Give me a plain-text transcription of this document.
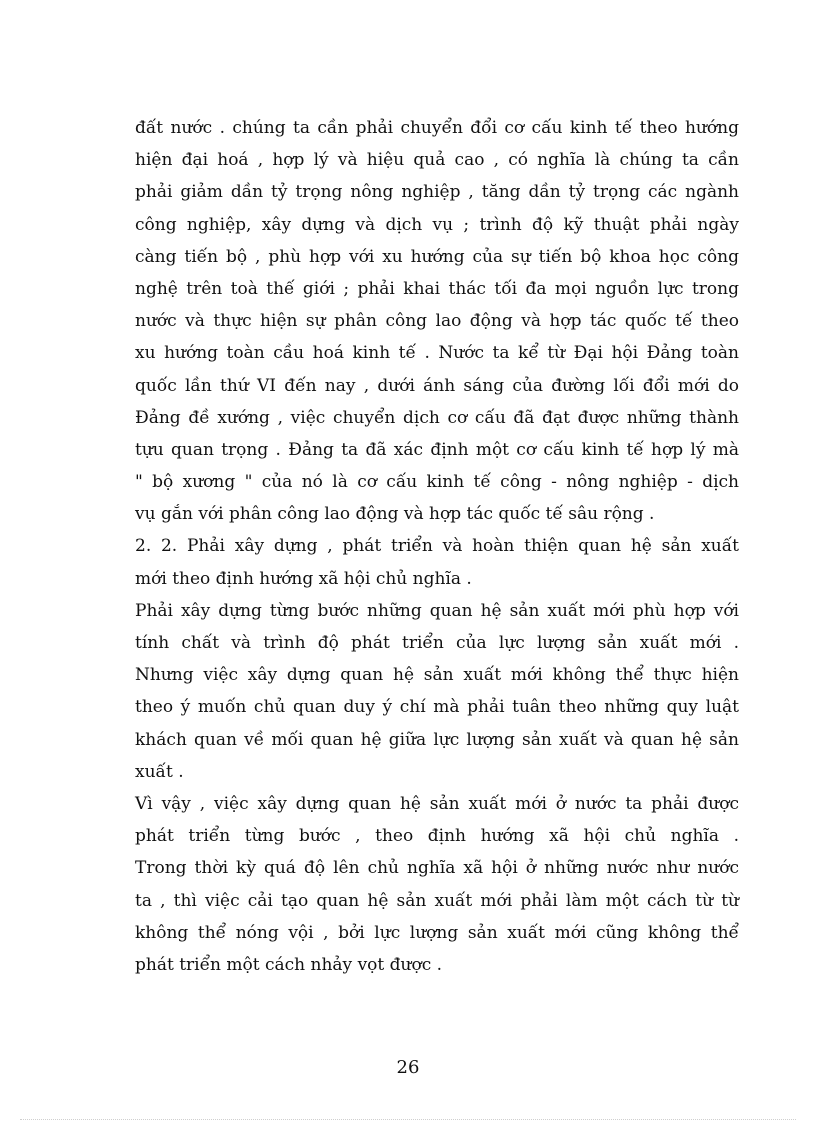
đất nước . chúng ta cần phải chuyển đổi cơ cấu kinh tế theo hướng
hiện đại hoá , hợp lý và hiệu quả cao , có nghĩa là chúng ta cần
phải giảm dần tỷ trọng nông nghiệp , tăng dần tỷ trọng các ngành
công nghiệp, xây dựng và dịch vụ ; trình độ kỹ thuật phải ngày
càng tiến bộ , phù hợp với xu hướng của sự tiến bộ khoa học công
nghệ trên toà thế giới ; phải khai thác tối đa mọi nguồn lực trong
nước và thực hiện sự phân công lao động và hợp tác quốc tế theo
xu hướng toàn cầu hoá kinh tế . Nước ta kể từ Đại hội Đảng toàn
quốc lần thứ VI đến nay , dưới ánh sáng của đường lối đổi mới do
Đảng đề xướng , việc chuyển dịch cơ cấu đã đạt được những thành
tựu quan trọng . Đảng ta đã xác định một cơ cấu kinh tế hợp lý mà
" bộ xương " của nó là cơ cấu kinh tế công - nông nghiệp - dịch
vụ gắn với phân công lao động và hợp tác quốc tế sâu rộng .
2. 2. Phải xây dựng , phát triển và hoàn thiện quan hệ sản xuất
mới theo định hướng xã hội chủ nghĩa .
Phải xây dựng từng bước những quan hệ sản xuất mới phù hợp với
tính chất và trình độ phát triển của lực lượng sản xuất mới .
Nhưng việc xây dựng quan hệ sản xuất mới không thể thực hiện
theo ý muốn chủ quan duy ý chí mà phải tuân theo những quy luật
khách quan về mối quan hệ giữa lực lượng sản xuất và quan hệ sản
xuất .
Vì vậy , việc xây dựng quan hệ sản xuất mới ở nước ta phải được
phát triển từng bước , theo định hướng xã hội chủ nghĩa .
Trong thời kỳ quá độ lên chủ nghĩa xã hội ở những nước như nước
ta , thì việc cải tạo quan hệ sản xuất mới phải làm một cách từ từ
không thể nóng vội , bởi lực lượng sản xuất mới cũng không thể
phát triển một cách nhảy vọt được .
26
